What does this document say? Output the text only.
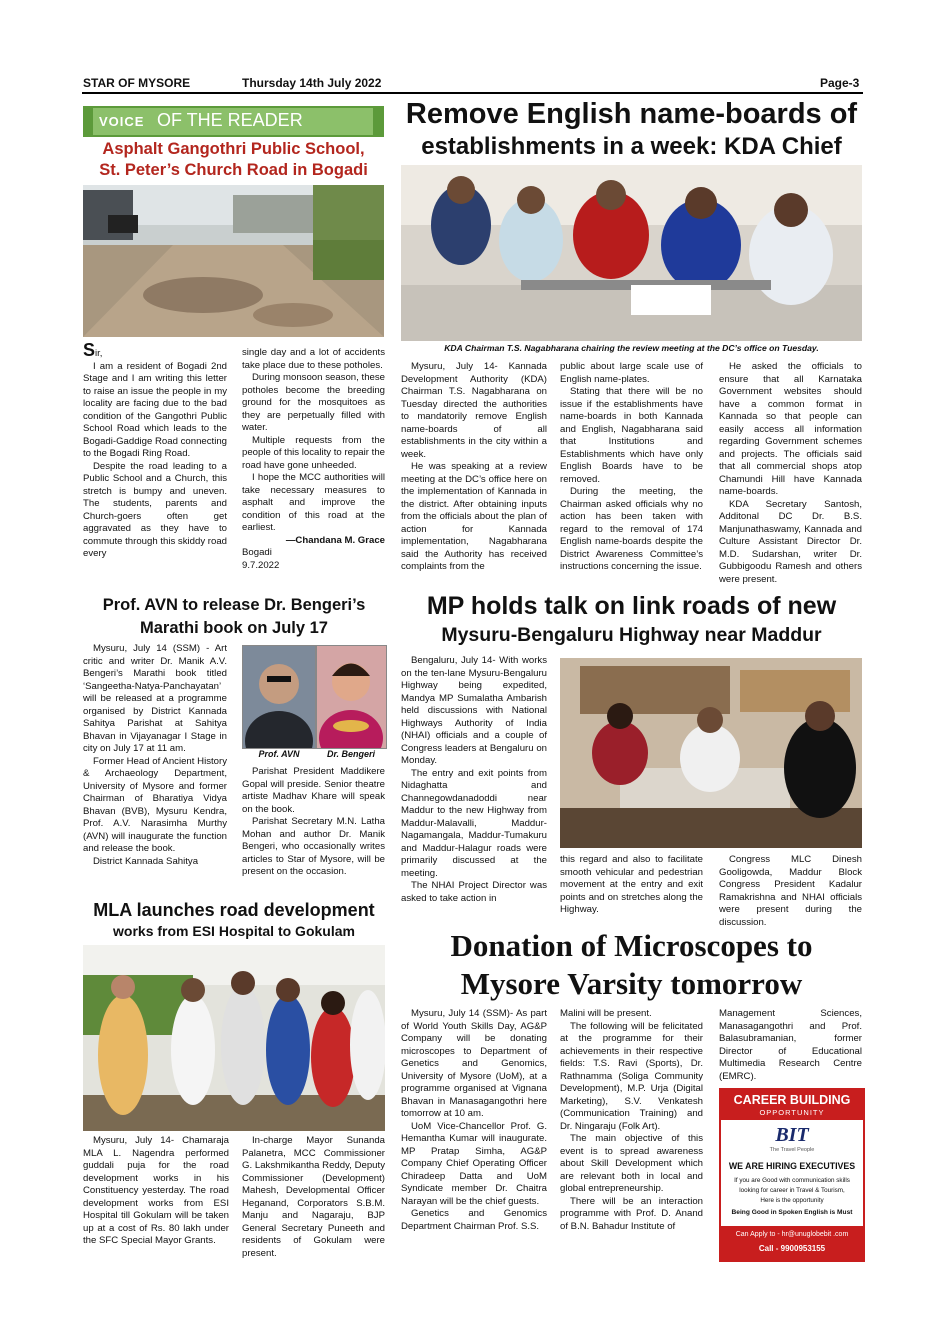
STAR OF MYSORE	Thursday 14th July 2022	Page-3
VOICE OF THE READER
Asphalt Gangothri Public School,
St. Peter’s Church Road in Bogadi

Sir,

I am a resident of Bogadi 2nd Stage and I am writing this letter to raise an issue the people in my locality are facing due to the bad condition of the Gangothri Public School Road which leads to the Bogadi-Gaddige Road connecting to the Bogadi Ring Road.

Despite the road leading to a Public School and a Church, this stretch is bumpy and uneven. The students, parents and Church-goers often get aggravated as they have to commute through this skiddy road every

single day and a lot of accidents take place due to these potholes.

During monsoon season, these potholes become the breeding ground for the mosquitoes as they are perpetually filled with water.

Multiple requests from the people of this locality to repair the road have gone unheeded.

I hope the MCC authorities will take necessary measures to asphalt and improve the condition of this road at the earliest.

—Chandana M. Grace
Bogadi
9.7.2022
Remove English name-boards of
establishments in a week: KDA Chief
KDA Chairman T.S. Nagabharana chairing the review meeting at the DC’s office on Tuesday.

Mysuru, July 14- Kannada Development Authority (KDA) Chairman T.S. Nagabharana on Tuesday directed the authorities to mandatorily remove English name-boards of all establishments in the city within a week.

He was speaking at a review meeting at the DC’s office here on the implementation of Kannada in the district. After obtaining inputs from the officials about the plan of action for Kannada implementation, Nagabharana said the Authority has received complaints from the

public about large scale use of English name-plates.

Stating that there will be no issue if the establishments have name-boards in both Kannada and English, Nagabharana said that Institutions and Establishments which have only English Boards have to be removed.

During the meeting, the Chairman asked officials why no action has been taken with regard to the removal of 174 English name-boards despite the District Awareness Committee’s instructions concerning the issue.

He asked the officials to ensure that all Karnataka Government websites should have a common format in Kannada so that people can easily access all information regarding Government schemes and projects. The officials said that all commercial shops atop Chamundi Hill have Kannada name-boards.

KDA Secretary Santosh, Additonal DC Dr. B.S. Manjunathaswamy, Kannada and Culture Assistant Director Dr. M.D. Sudarshan, writer Dr. Gubbigoodu Ramesh and others were present.

Prof. AVN to release Dr. Bengeri’s
Marathi book on July 17

Mysuru, July 14 (SSM) - Art critic and writer Dr. Manik A.V. Bengeri’s Marathi book titled ‘Sangeetha-Natya-Panchayatan’ will be released at a programme organised by District Kannada Sahitya Parishat at Sahitya Bhavan in Vijayanagar I Stage in city on July 17 at 11 am.

Former Head of Ancient History & Archaeology Department, University of Mysore and former Chairman of Bharatiya Vidya Bhavan (BVB), Mysuru Kendra, Prof. A.V. Narasimha Murthy (AVN) will inaugurate the function and release the book.

District Kannada Sahitya

Prof. AVN	Dr. Bengeri

Parishat President Maddikere Gopal will preside. Senior theatre artiste Madhav Khare will speak on the book.

Parishat Secretary M.N. Latha Mohan and author Dr. Manik Bengeri, who occasionally writes articles to Star of Mysore, will be present on the occasion.

MP holds talk on link roads of new
Mysuru-Bengaluru Highway near Maddur

Bengaluru, July 14- With works on the ten-lane Mysuru-Bengaluru Highway being expedited, Mandya MP Sumalatha Ambarish held discussions with National Highways Authority of India (NHAI) officials and a couple of Congress leaders at Bengaluru on Monday.

The entry and exit points from Nidaghatta and Channegowdanadoddi near Maddur to the new Highway from Maddur-Malavalli, Maddur-Nagamangala, Maddur-Tumakuru and Maddur-Halagur roads were primarily discussed at the meeting.

The NHAI Project Director was asked to take action in

this regard and also to facilitate smooth vehicular and pedestrian movement at the entry and exit points and on stretches along the Highway.

Congress MLC Dinesh Gooligowda, Maddur Block Congress President Kadalur Ramakrishna and NHAI officials were present during the discussion.

MLA launches road development
works from ESI Hospital to Gokulam

Mysuru, July 14- Chamaraja MLA L. Nagendra performed guddali puja for the road development works in his Constituency yesterday. The road development works from ESI Hospital till Gokulam will be taken up at a cost of Rs. 80 lakh under the SFC Special Mayor Grants.

In-charge Mayor Sunanda Palanetra, MCC Commissioner G. Lakshmikantha Reddy, Deputy Commissioner (Development) Mahesh, Developmental Officer Heganand, Corporators S.B.M. Manju and Nagaraju, BJP General Secretary Puneeth and residents of Gokulam were present.

Donation of Microscopes to
Mysore Varsity tomorrow

Mysuru, July 14 (SSM)- As part of World Youth Skills Day, AG&P Company will be donating microscopes to Department of Genetics and Genomics, University of Mysore (UoM), at a programme organised at Vignana Bhavan in Manasagangothri here tomorrow at 10 am.

UoM Vice-Chancellor Prof. G. Hemantha Kumar will inaugurate. MP Pratap Simha, AG&P Company Chief Operating Officer Chiradeep Datta and UoM Syndicate member Dr. Chaitra Narayan will be the chief guests.

Genetics and Genomics Department Chairman Prof. S.S.

Malini will be present.

The following will be felicitated at the programme for their achievements in their respective fields: T.S. Ravi (Sports), Dr. Rathnamma (Soliga Community Development), M.P. Urja (Digital Marketing), S.V. Venkatesh (Communication Training) and Dr. Ningaraju (Folk Art).

The main objective of this event is to spread awareness about Skill Development which are relevant both in local and global entrepreneurship.

There will be an interaction programme with Prof. D. Anand of B.N. Bahadur Institute of

Management Sciences, Manasagangothri and Prof. Balasubramanian, former Director of Educational Multimedia Research Centre (EMRC).

CAREER BUILDING
OPPORTUNITY
BIT
The Travel People
WE ARE HIRING EXECUTIVES
If you are Good with communication skills
looking for career in Travel & Tourism,
Here is the opportunity
Being Good in Spoken English is Must
Can Apply to - hr@unuglobebit .com
Call - 9900953155
